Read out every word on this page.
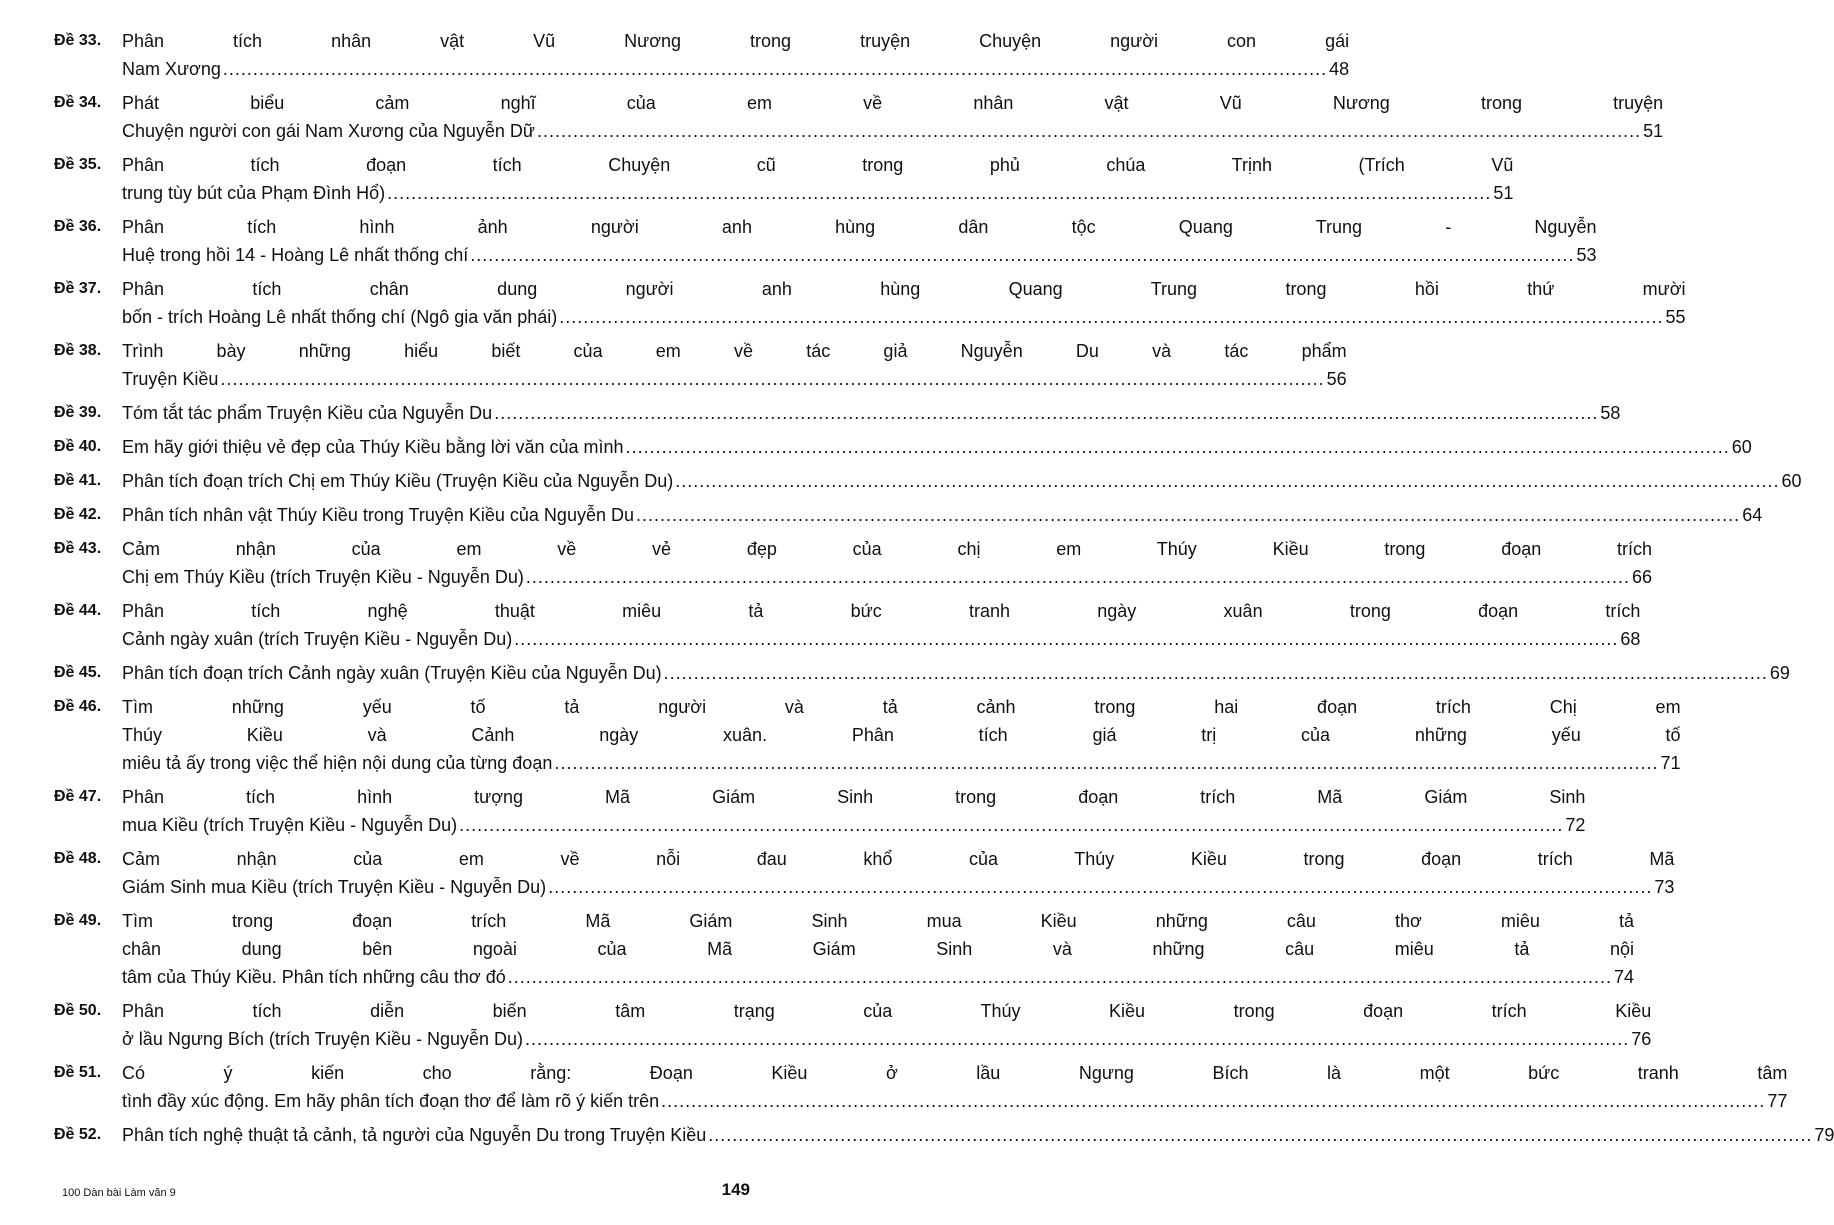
Đề 33.	Phân tích nhân vật Vũ Nương trong truyện Chuyện người con gái
Nam Xương .....	48
Đề 34.	Phát biểu cảm nghĩ của em về nhân vật Vũ Nương trong truyện
Chuyện người con gái Nam Xương của Nguyễn Dữ .....	51
Đề 35.	Phân tích đoạn tích Chuyện cũ trong phủ chúa Trịnh (Trích Vũ
trung tùy bút của Phạm Đình Hổ) .....	51
Đề 36.	Phân tích hình ảnh người anh hùng dân tộc Quang Trung - Nguyễn
Huệ trong hồi 14 - Hoàng Lê nhất thống chí .....	53
Đề 37.	Phân tích chân dung người anh hùng Quang Trung trong hồi thứ mười
bốn - trích Hoàng Lê nhất thống chí (Ngô gia văn phái) .....	55
Đề 38.	Trình bày những hiểu biết của em về tác giả Nguyễn Du và tác phẩm
Truyện Kiều .....	56
Đề 39.	Tóm tắt tác phẩm Truyện Kiều của Nguyễn Du .....	58
Đề 40.	Em hãy giới thiệu vẻ đẹp của Thúy Kiều bằng lời văn của mình .....	60
Đề 41.	Phân tích đoạn trích Chị em Thúy Kiều (Truyện Kiều của Nguyễn Du) .....	60
Đề 42.	Phân tích nhân vật Thúy Kiều trong Truyện Kiều của Nguyễn Du .....	64
Đề 43.	Cảm nhận của em về vẻ đẹp của chị em Thúy Kiều trong đoạn trích
Chị em Thúy Kiều (trích Truyện Kiều - Nguyễn Du) .....	66
Đề 44.	Phân tích nghệ thuật miêu tả bức tranh ngày xuân trong đoạn trích
Cảnh ngày xuân (trích Truyện Kiều - Nguyễn Du) .....	68
Đề 45.	Phân tích đoạn trích Cảnh ngày xuân (Truyện Kiều của Nguyễn Du) .....	69
Đề 46.	Tìm những yếu tố tả người và tả cảnh trong hai đoạn trích Chị em
Thúy Kiều và Cảnh ngày xuân. Phân tích giá trị của những yếu tố
miêu tả ấy trong việc thể hiện nội dung của từng đoạn .....	71
Đề 47.	Phân tích hình tượng Mã Giám Sinh trong đoạn trích Mã Giám Sinh
mua Kiều (trích Truyện Kiều - Nguyễn Du) .....	72
Đề 48.	Cảm nhận của em về nỗi đau khổ của Thúy Kiều trong đoạn trích Mã
Giám Sinh mua Kiều (trích Truyện Kiều - Nguyễn Du) .....	73
Đề 49.	Tìm trong đoạn trích Mã Giám Sinh mua Kiều những câu thơ miêu tả
chân dung bên ngoài của Mã Giám Sinh và những câu miêu tả nội
tâm của Thúy Kiều. Phân tích những câu thơ đó .....	74
Đề 50.	Phân tích diễn biến tâm trạng của Thúy Kiều trong đoạn trích Kiều
ở lầu Ngưng Bích (trích Truyện Kiều - Nguyễn Du) .....	76
Đề 51.	Có ý kiến cho rằng: Đoạn Kiều ở lầu Ngưng Bích là một bức tranh tâm
tình đầy xúc động. Em hãy phân tích đoạn thơ để làm rõ ý kiến trên .....	77
Đề 52.	Phân tích nghệ thuật tả cảnh, tả người của Nguyễn Du trong Truyện Kiều .....	79
100 Dàn bài Làm văn 9	149
